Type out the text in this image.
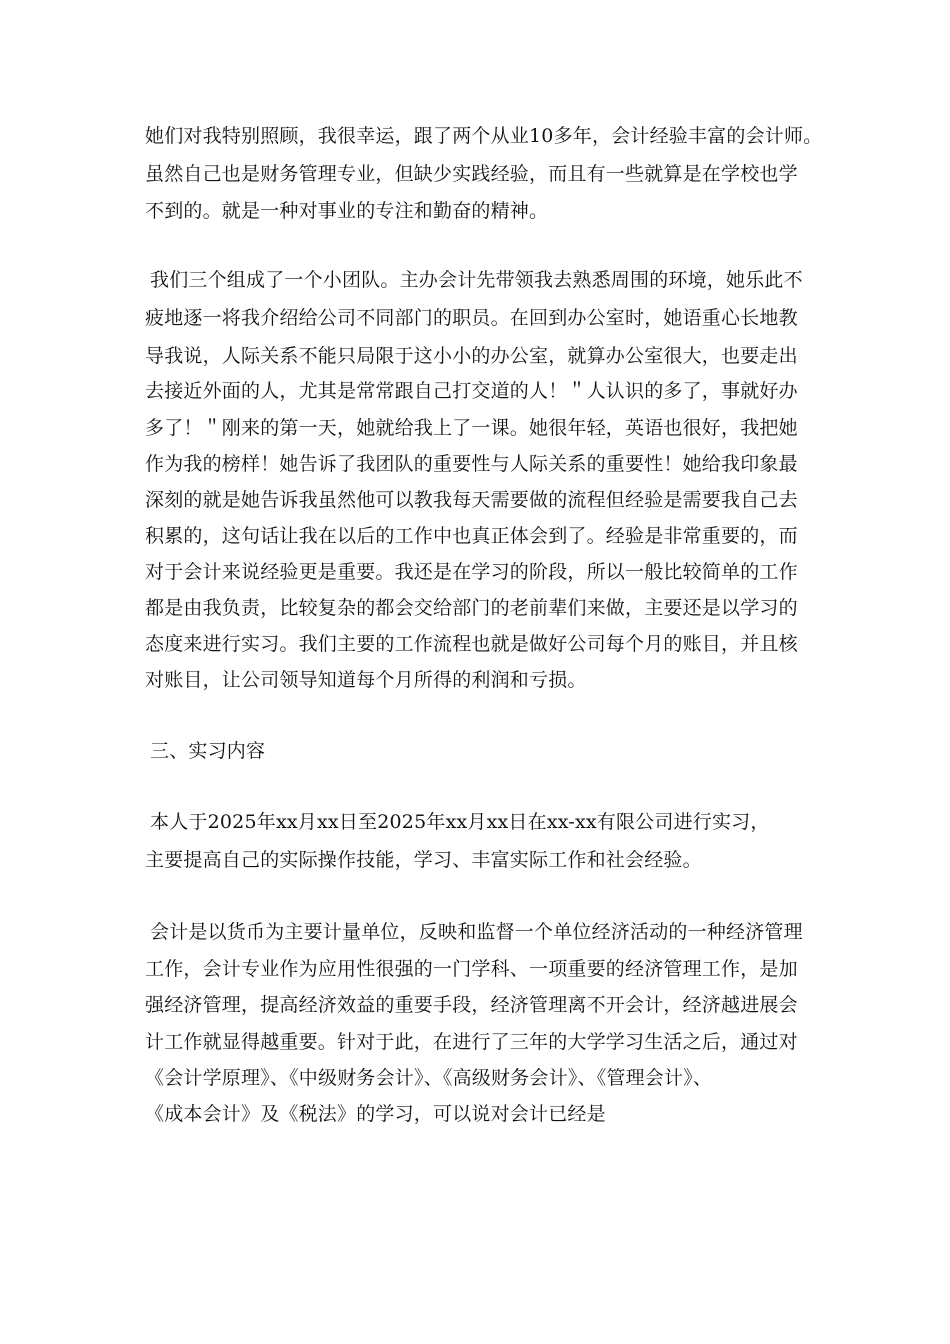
她们对我特别照顾，我很幸运，跟了两个从业10多年，会计经验丰富的会计师。
虽然自己也是财务管理专业，但缺少实践经验，而且有一些就算是在学校也学
不到的。就是一种对事业的专注和勤奋的精神。
我们三个组成了一个小团队。主办会计先带领我去熟悉周围的环境，她乐此不
疲地逐一将我介绍给公司不同部门的职员。在回到办公室时，她语重心长地教
导我说，人际关系不能只局限于这小小的办公室，就算办公室很大，也要走出
去接近外面的人，尤其是常常跟自己打交道的人！＂人认识的多了，事就好办
多了！＂刚来的第一天，她就给我上了一课。她很年轻，英语也很好，我把她
作为我的榜样！她告诉了我团队的重要性与人际关系的重要性！她给我印象最
深刻的就是她告诉我虽然他可以教我每天需要做的流程但经验是需要我自己去
积累的，这句话让我在以后的工作中也真正体会到了。经验是非常重要的，而
对于会计来说经验更是重要。我还是在学习的阶段，所以一般比较简单的工作
都是由我负责，比较复杂的都会交给部门的老前辈们来做，主要还是以学习的
态度来进行实习。我们主要的工作流程也就是做好公司每个月的账目，并且核
对账目，让公司领导知道每个月所得的利润和亏损。
三、实习内容
本人于2025年xx月xx日至2025年xx月xx日在xx-xx有限公司进行实习，
主要提高自己的实际操作技能，学习、丰富实际工作和社会经验。
会计是以货币为主要计量单位，反映和监督一个单位经济活动的一种经济管理
工作，会计专业作为应用性很强的一门学科、一项重要的经济管理工作，是加
强经济管理，提高经济效益的重要手段，经济管理离不开会计，经济越进展会
计工作就显得越重要。针对于此，在进行了三年的大学学习生活之后，通过对
《会计学原理》、《中级财务会计》、《高级财务会计》、《管理会计》、
《成本会计》及《税法》的学习，可以说对会计已经是
